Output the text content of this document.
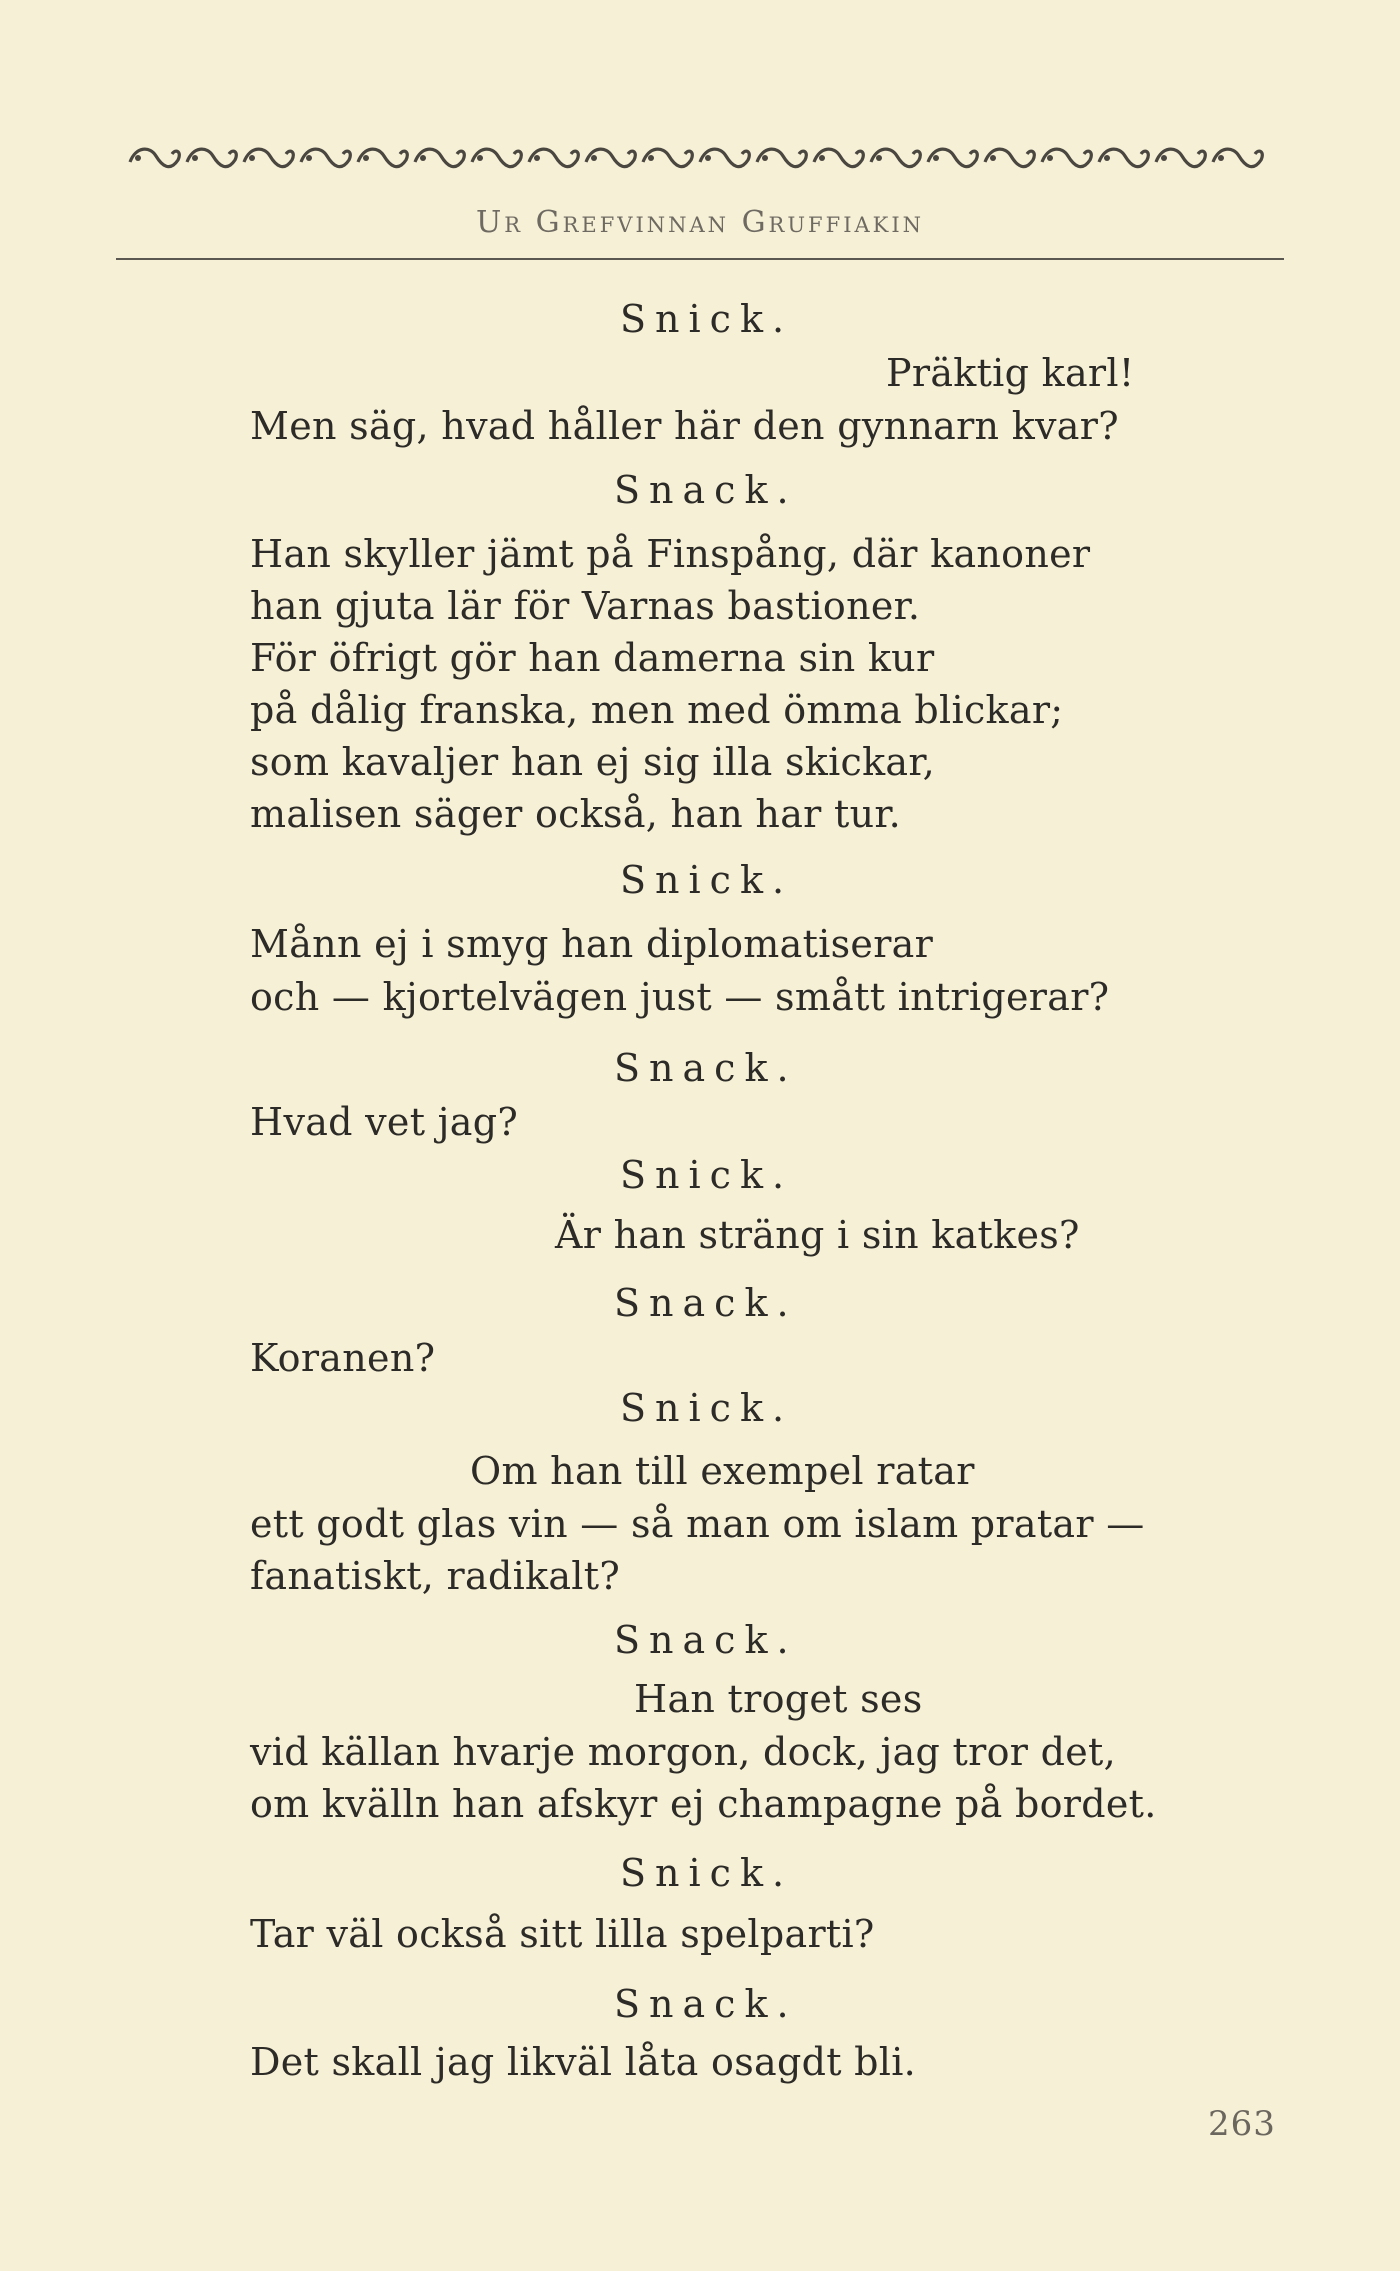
Ur Grefvinnan Gruffiakin
Snick.
Präktig karl!
Men säg, hvad håller här den gynnarn kvar?
Snack.
Han skyller jämt på Finspång, där kanoner
han gjuta lär för Varnas bastioner.
För öfrigt gör han damerna sin kur
på dålig franska, men med ömma blickar;
som kavaljer han ej sig illa skickar,
malisen säger också, han har tur.
Snick.
Månn ej i smyg han diplomatiserar
och — kjortelvägen just — smått intrigerar?
Snack.
Hvad vet jag?
Snick.
Är han sträng i sin katkes?
Snack.
Koranen?
Snick.
Om han till exempel ratar
ett godt glas vin — så man om islam pratar —
fanatiskt, radikalt?
Snack.
Han troget ses
vid källan hvarje morgon, dock, jag tror det,
om kvälln han afskyr ej champagne på bordet.
Snick.
Tar väl också sitt lilla spelparti?
Snack.
Det skall jag likväl låta osagdt bli.
263
